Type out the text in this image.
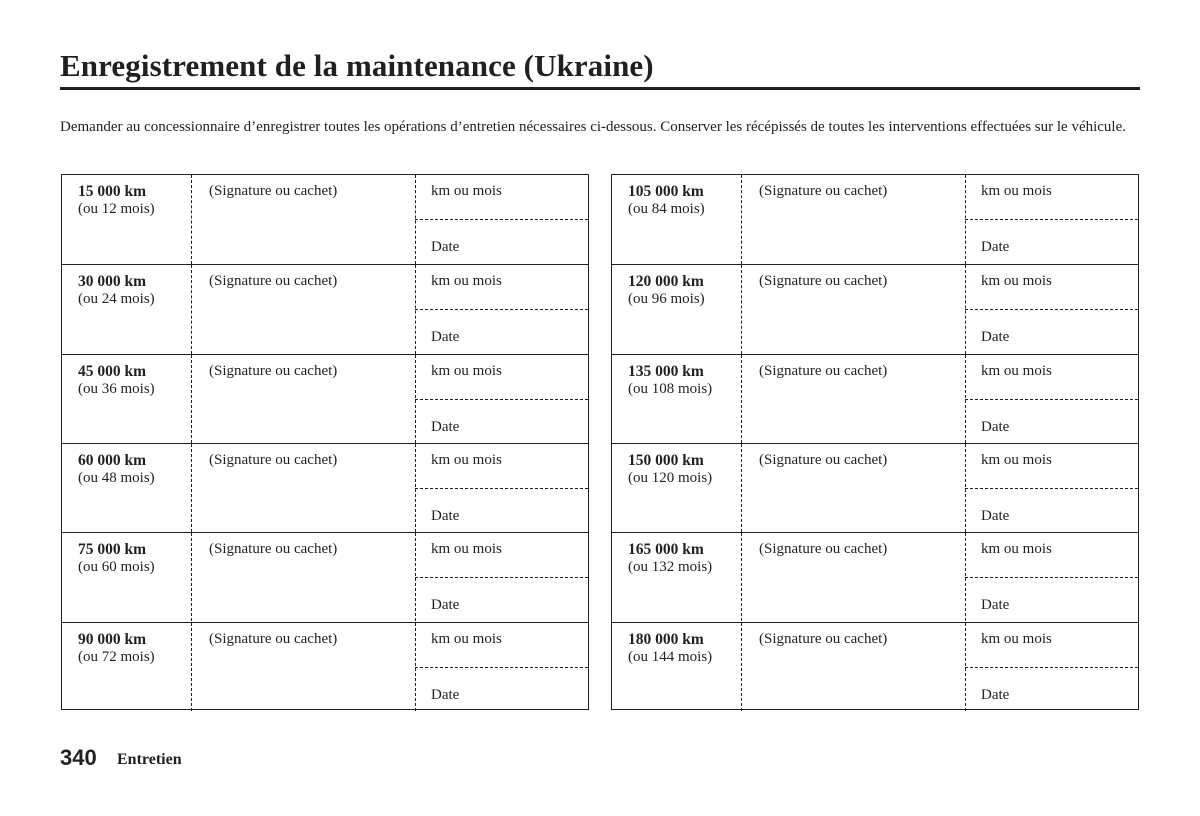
Enregistrement de la maintenance (Ukraine)

Demander au concessionnaire d’enregistrer toutes les opérations d’entretien nécessaires ci-dessous. Conserver les récépissés de toutes les interventions effectuées sur le véhicule.

15 000 km
(ou 12 mois)
(Signature ou cachet)	km ou mois
Date
30 000 km
(ou 24 mois)
(Signature ou cachet)	km ou mois
Date
45 000 km
(ou 36 mois)
(Signature ou cachet)	km ou mois
Date
60 000 km
(ou 48 mois)
(Signature ou cachet)	km ou mois
Date
75 000 km
(ou 60 mois)
(Signature ou cachet)	km ou mois
Date
90 000 km
(ou 72 mois)
(Signature ou cachet)	km ou mois
Date
105 000 km
(ou 84 mois)
(Signature ou cachet)	km ou mois
Date
120 000 km
(ou 96 mois)
(Signature ou cachet)	km ou mois
Date
135 000 km
(ou 108 mois)
(Signature ou cachet)	km ou mois
Date
150 000 km
(ou 120 mois)
(Signature ou cachet)	km ou mois
Date
165 000 km
(ou 132 mois)
(Signature ou cachet)	km ou mois
Date
180 000 km
(ou 144 mois)
(Signature ou cachet)	km ou mois
Date
340 Entretien
